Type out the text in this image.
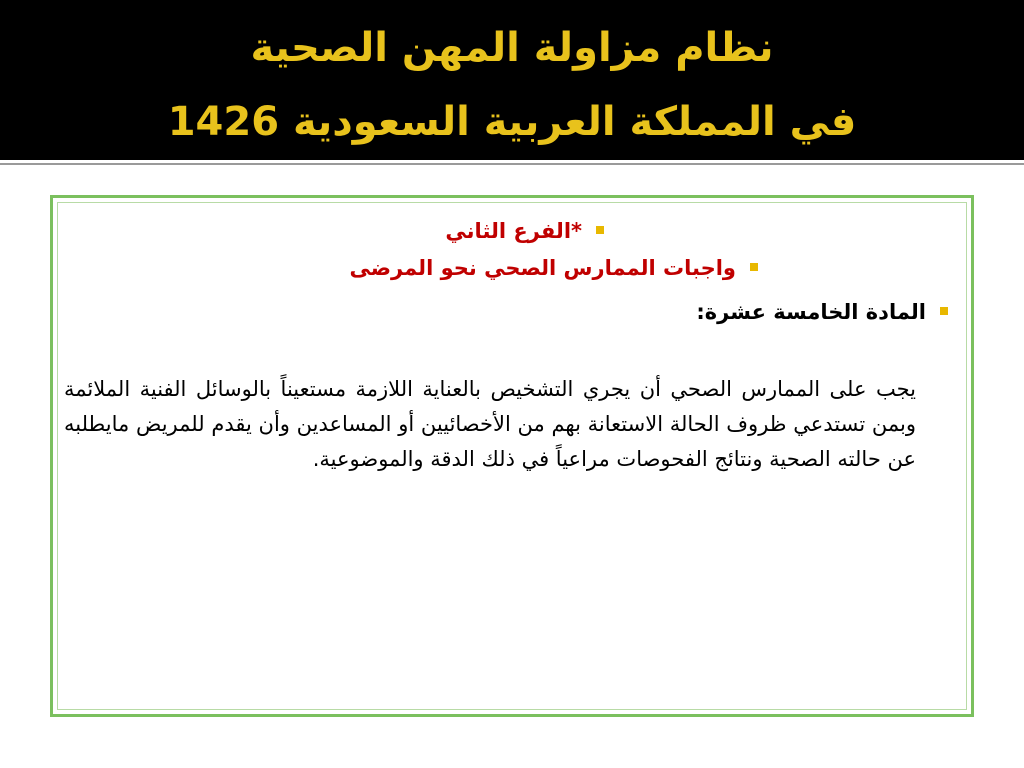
نظام مزاولة المهن الصحية
في المملكة العربية السعودية 1426
*الفرع الثاني
واجبات الممارس الصحي نحو المرضى
المادة الخامسة عشرة:
يجب على الممارس الصحي أن يجري التشخيص بالعناية اللازمة مستعيناً بالوسائل الفنية الملائمة وبمن تستدعي ظروف الحالة الاستعانة بهم من الأخصائيين أو المساعدين وأن يقدم للمريض مايطلبه عن حالته الصحية ونتائج الفحوصات مراعياً في ذلك الدقة والموضوعية.
